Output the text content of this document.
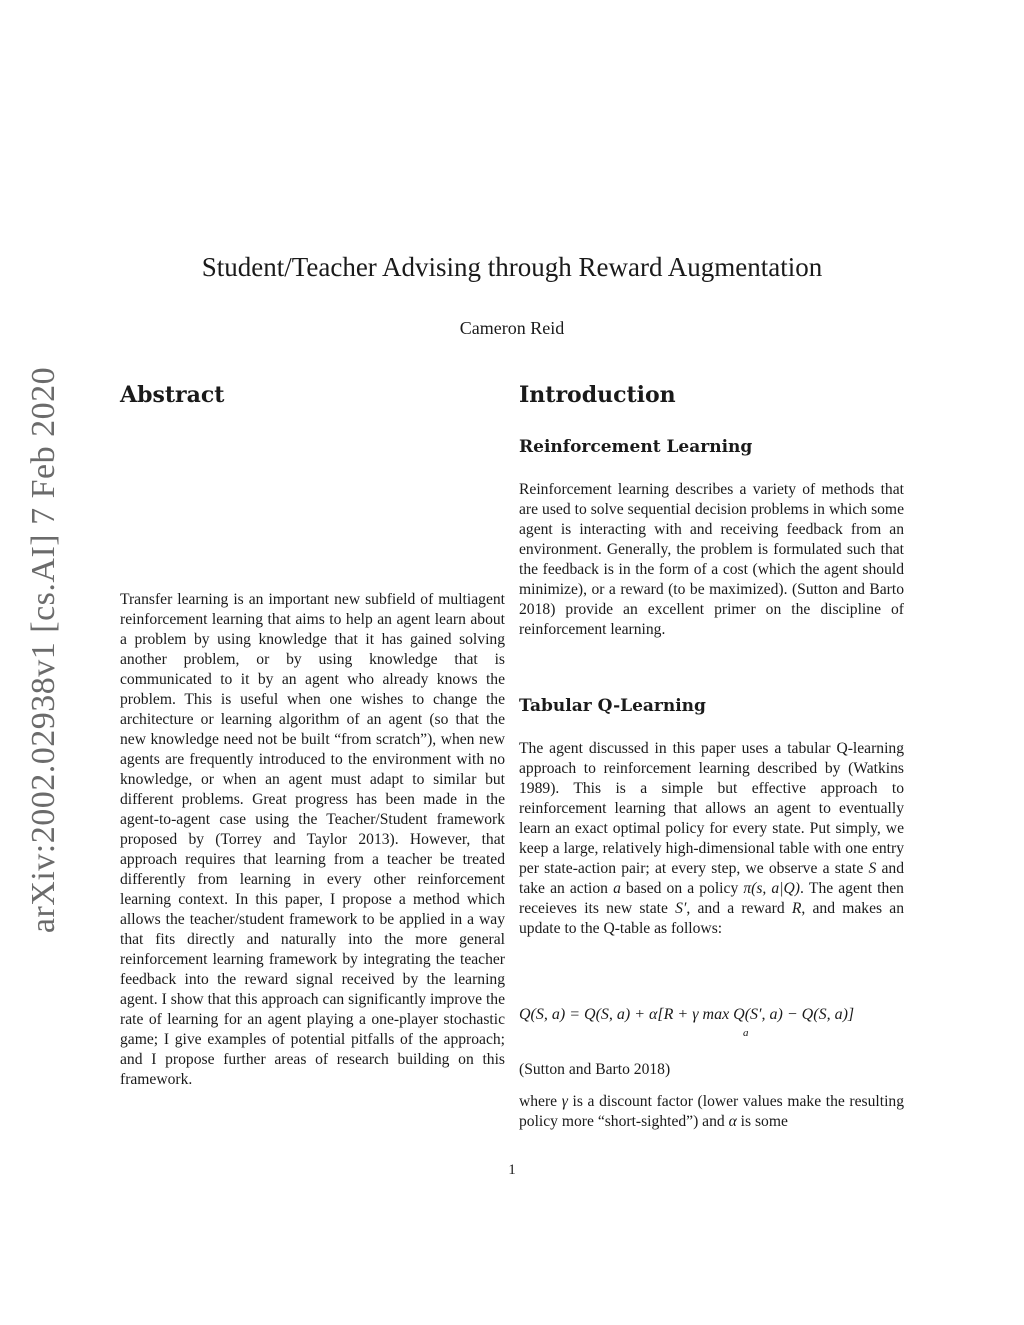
arXiv:2002.02938v1 [cs.AI] 7 Feb 2020
Student/Teacher Advising through Reward Augmentation
Cameron Reid
Abstract

Transfer learning is an important new subfield of multiagent reinforcement learning that aims to help an agent learn about a problem by using knowledge that it has gained solving another problem, or by using knowledge that is communicated to it by an agent who already knows the problem. This is useful when one wishes to change the architecture or learning algorithm of an agent (so that the new knowledge need not be built “from scratch”), when new agents are frequently introduced to the environment with no knowledge, or when an agent must adapt to similar but different problems. Great progress has been made in the agent-to-agent case using the Teacher/Student framework proposed by (Torrey and Taylor 2013). However, that approach requires that learning from a teacher be treated differently from learning in every other reinforcement learning context. In this paper, I propose a method which allows the teacher/student framework to be applied in a way that fits directly and naturally into the more general reinforcement learning framework by integrating the teacher feedback into the reward signal received by the learning agent. I show that this approach can significantly improve the rate of learning for an agent playing a one-player stochastic game; I give examples of potential pitfalls of the approach; and I propose further areas of research building on this framework.

Introduction
Reinforcement Learning

Reinforcement learning describes a variety of methods that are used to solve sequential decision problems in which some agent is interacting with and receiving feedback from an environment. Generally, the problem is formulated such that the feedback is in the form of a cost (which the agent should minimize), or a reward (to be maximized). (Sutton and Barto 2018) provide an excellent primer on the discipline of reinforcement learning.

Tabular Q-Learning

The agent discussed in this paper uses a tabular Q-learning approach to reinforcement learning described by (Watkins 1989). This is a simple but effective approach to reinforcement learning that allows an agent to eventually learn an exact optimal policy for every state. Put simply, we keep a large, relatively high-dimensional table with one entry per state-action pair; at every step, we observe a state S and take an action a based on a policy π(s, a|Q). The agent then receieves its new state S′, and a reward R, and makes an update to the Q-table as follows:

Q(S, a) = Q(S, a) + α[R + γ max Q(S′, a) − Q(S, a)]
a

(Sutton and Barto 2018)

where γ is a discount factor (lower values make the resulting policy more “short-sighted”) and α is some

1
